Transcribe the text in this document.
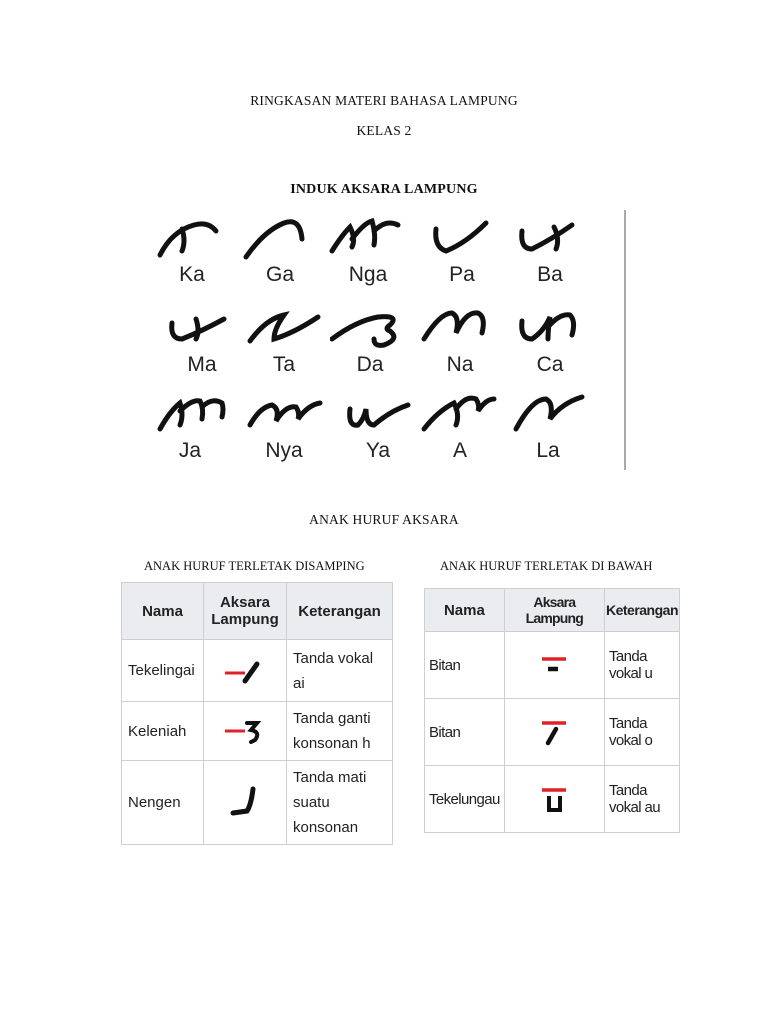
RINGKASAN MATERI BAHASA LAMPUNG
KELAS 2
INDUK AKSARA LAMPUNG
Ka	Ga	Nga	Pa	Ba
Ma	Ta	Da	Na	Ca
Ja	Nya	Ya	A	La
ANAK HURUF AKSARA
ANAK HURUF TERLETAK DISAMPING	ANAK HURUF TERLETAK DI BAWAH
Nama	Aksara Lampung	Keterangan
Tekelingai		Tanda vokal ai
Keleniah		Tanda ganti konsonan h
Nengen		Tanda mati suatu konsonan
Nama	Aksara Lampung	Keterangan
Bitan		Tanda vokal u
Bitan		Tanda vokal o
Tekelungau		Tanda vokal au
